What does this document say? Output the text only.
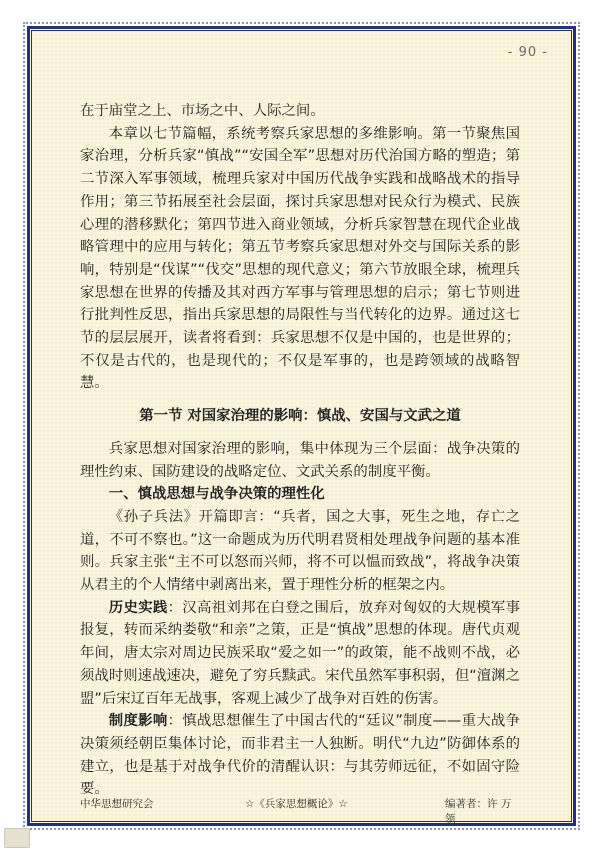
- 90 -

在于庙堂之上、市场之中、人际之间。

本章以七节篇幅，系统考察兵家思想的多维影响。第一节聚焦国家治理，分析兵家“慎战”“安国全军”思想对历代治国方略的塑造；第二节深入军事领域，梳理兵家对中国历代战争实践和战略战术的指导作用；第三节拓展至社会层面，探讨兵家思想对民众行为模式、民族心理的潜移默化；第四节进入商业领域，分析兵家智慧在现代企业战略管理中的应用与转化；第五节考察兵家思想对外交与国际关系的影响，特别是“伐谋”“伐交”思想的现代意义；第六节放眼全球，梳理兵家思想在世界的传播及其对西方军事与管理思想的启示；第七节则进行批判性反思，指出兵家思想的局限性与当代转化的边界。通过这七节的层层展开，读者将看到：兵家思想不仅是中国的，也是世界的；不仅是古代的，也是现代的；不仅是军事的，也是跨领域的战略智慧。

第一节 对国家治理的影响：慎战、安国与文武之道

兵家思想对国家治理的影响，集中体现为三个层面：战争决策的理性约束、国防建设的战略定位、文武关系的制度平衡。

一、慎战思想与战争决策的理性化

《孙子兵法》开篇即言：“兵者，国之大事，死生之地，存亡之道，不可不察也。”这一命题成为历代明君贤相处理战争问题的基本准则。兵家主张“主不可以怒而兴师，将不可以愠而致战”，将战争决策从君主的个人情绪中剥离出来，置于理性分析的框架之内。

历史实践：汉高祖刘邦在白登之围后，放弃对匈奴的大规模军事报复，转而采纳娄敬“和亲”之策，正是“慎战”思想的体现。唐代贞观年间，唐太宗对周边民族采取“爱之如一”的政策，能不战则不战，必须战时则速战速决，避免了穷兵黩武。宋代虽然军事积弱，但“澶渊之盟”后宋辽百年无战事，客观上减少了战争对百姓的伤害。

制度影响：慎战思想催生了中国古代的“廷议”制度——重大战争决策须经朝臣集体讨论，而非君主一人独断。明代“九边”防御体系的建立，也是基于对战争代价的清醒认识：与其劳师远征，不如固守险要。

中华思想研究会	☆《兵家思想概论》☆	编著者：许 万领
